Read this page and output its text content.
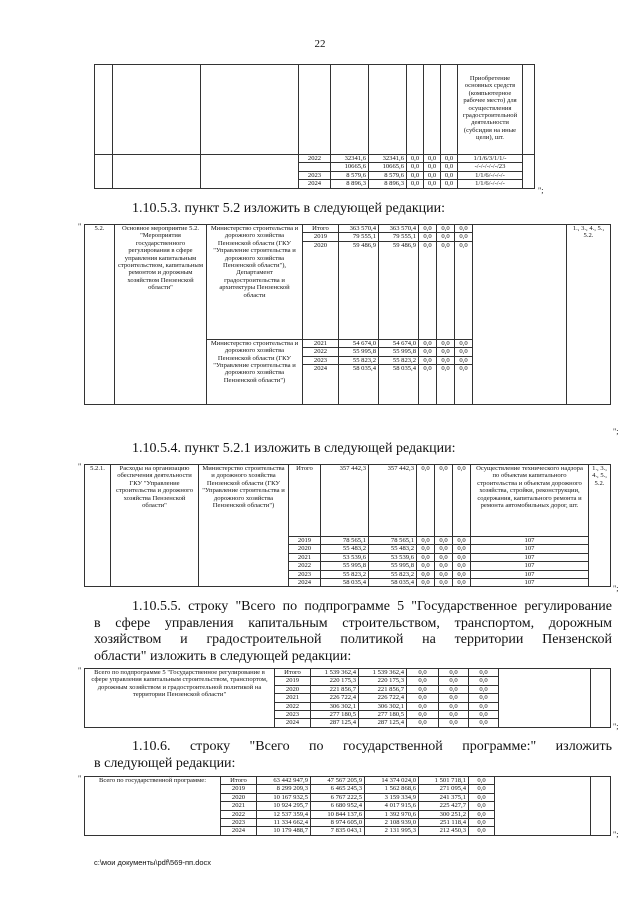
22
									Приобретение основных средств (компьютерное рабочее место) для осуществления градостроительной деятельности (субсидия на иные цели), шт.	
			2022	32341,6	32341,6	0,0	0,0	0,0	1/1/6/3/1/1/-	
				10665,6	10665,6	0,0	0,0	0,0	-/-/-/-/-/-/23	
			2023	8 579,6	8 579,6	0,0	0,0	0,0	1/1/6/-/-/-/-	
			2024	8 896,3	8 896,3	0,0	0,0	0,0	1/1/6/-/-/-/-	
";
1.10.5.3. пункт 5.2 изложить в следующей редакции:
" 5.2.	Основное мероприятие 5.2. "Мероприятия государственного регулирования в сфере управления капитальным строительством, капитальным ремонтом и дорожным хозяйством Пензенской области"	Министерство строительства и дорожного хозяйства Пензенской области (ГКУ "Управление строительства и дорожного хозяйства Пензенской области"), Департамент градостроительства и архитектуры Пензенской области	Итого	363 570,4	363 570,4	0,0	0,0	0,0		1., 3., 4., 5., 5.2.
			2019	79 555,1	79 555,1	0,0	0,0	0,0		
			2020	59 486,9	59 486,9	0,0	0,0	0,0		
		Министерство строительства и дорожного хозяйства Пензенской области (ГКУ "Управление строительства и дорожного хозяйства Пензенской области")	2021	54 674,0	54 674,0	0,0	0,0	0,0		
			2022	55 995,8	55 995,8	0,0	0,0	0,0		
			2023	55 823,2	55 823,2	0,0	0,0	0,0		
			2024	58 035,4	58 035,4	0,0	0,0	0,0		
";
1.10.5.4. пункт 5.2.1 изложить в следующей редакции:
" 5.2.1.	Расходы на организацию обеспечения деятельности ГКУ "Управление строительства и дорожного хозяйства Пензенской области"	Министерство строительства и дорожного хозяйства Пензенской области (ГКУ "Управление строительства и дорожного хозяйства Пензенской области")	Итого	357 442,3	357 442,3	0,0	0,0	0,0	Осуществление технического надзора по объектам капитального строительства и объектам дорожного хозяйства, стройки, реконструкции, содержания, капитального ремонта и ремонта автомобильных дорог, шт.	1., 3., 4., 5., 5.2.
			2019	78 565,1	78 565,1	0,0	0,0	0,0	107	
			2020	55 483,2	55 483,2	0,0	0,0	0,0	107	
			2021	53 539,6	53 539,6	0,0	0,0	0,0	107	
			2022	55 995,8	55 995,8	0,0	0,0	0,0	107	
			2023	55 823,2	55 823,2	0,0	0,0	0,0	107	
			2024	58 035,4	58 035,4	0,0	0,0	0,0	107	
";
1.10.5.5. строку "Всего по подпрограмме 5 "Государственное регулирование
в сфере управления капитальным строительством, транспортом, дорожным
хозяйством и градостроительной политикой на территории Пензенской
области" изложить в следующей редакции:
" Всего по подпрограмме 5 "Государственное регулирование в сфере управления капитальным строительством, транспортом, дорожным хозяйством и градостроительной политикой на территории Пензенской области"	Итого	1 539 362,4	1 539 362,4	0,0	0,0	0,0		
	2019	220 175,3	220 175,3	0,0	0,0	0,0		
	2020	221 856,7	221 856,7	0,0	0,0	0,0		
	2021	226 722,4	226 722,4	0,0	0,0	0,0		
	2022	306 302,1	306 302,1	0,0	0,0	0,0		
	2023	277 180,5	277 180,5	0,0	0,0	0,0		
	2024	287 125,4	287 125,4	0,0	0,0	0,0			";
1.10.6. строку "Всего по государственной программе:" изложить
в следующей редакции:
"	Всего по государственной программе:	Итого	63 442 947,9	47 567 205,9	14 374 024,0	1 501 718,1	0,0		
	2019	8 299 209,3	6 465 245,3	1 562 868,6	271 095,4	0,0		
	2020	10 167 932,5	6 767 222,5	3 159 334,9	241 375,1	0,0		
	2021	10 924 295,7	6 680 952,4	4 017 915,6	225 427,7	0,0		
	2022	12 537 359,4	10 844 137,6	1 392 970,6	300 251,2	0,0		
	2023	11 334 662,4	8 974 605,0	2 108 939,0	251 118,4	0,0		
	2024	10 179 488,7	7 835 043,1	2 131 995,3	212 450,3	0,0			";
c:\мои документы\pdf\569-пп.docx
